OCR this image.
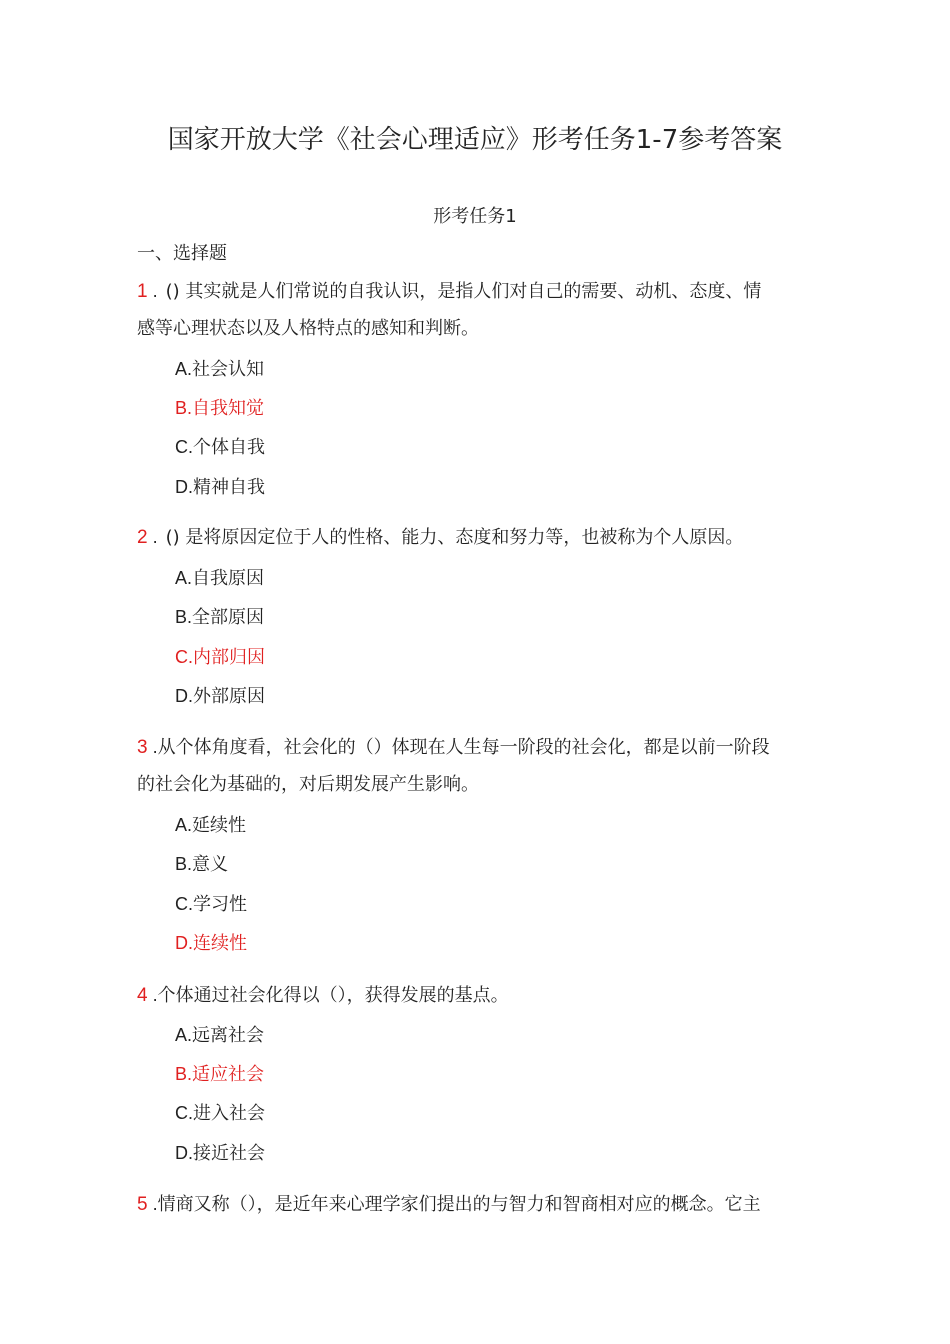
国家开放大学《社会心理适应》形考任务1-7参考答案
形考任务1
一、选择题
1 . () 其实就是人们常说的自我认识，是指人们对自己的需要、动机、态度、情
感等心理状态以及人格特点的感知和判断。
A.社会认知
B.自我知觉
C.个体自我
D.精神自我
2 . () 是将原因定位于人的性格、能力、态度和努力等，也被称为个人原因。
A.自我原因
B.全部原因
C.内部归因
D.外部原因
3 .从个体角度看，社会化的（）体现在人生每一阶段的社会化，都是以前一阶段
的社会化为基础的，对后期发展产生影响。
A.延续性
B.意义
C.学习性
D.连续性
4 .个体通过社会化得以（），获得发展的基点。
A.远离社会
B.适应社会
C.进入社会
D.接近社会
5 .情商又称（），是近年来心理学家们提出的与智力和智商相对应的概念。它主
